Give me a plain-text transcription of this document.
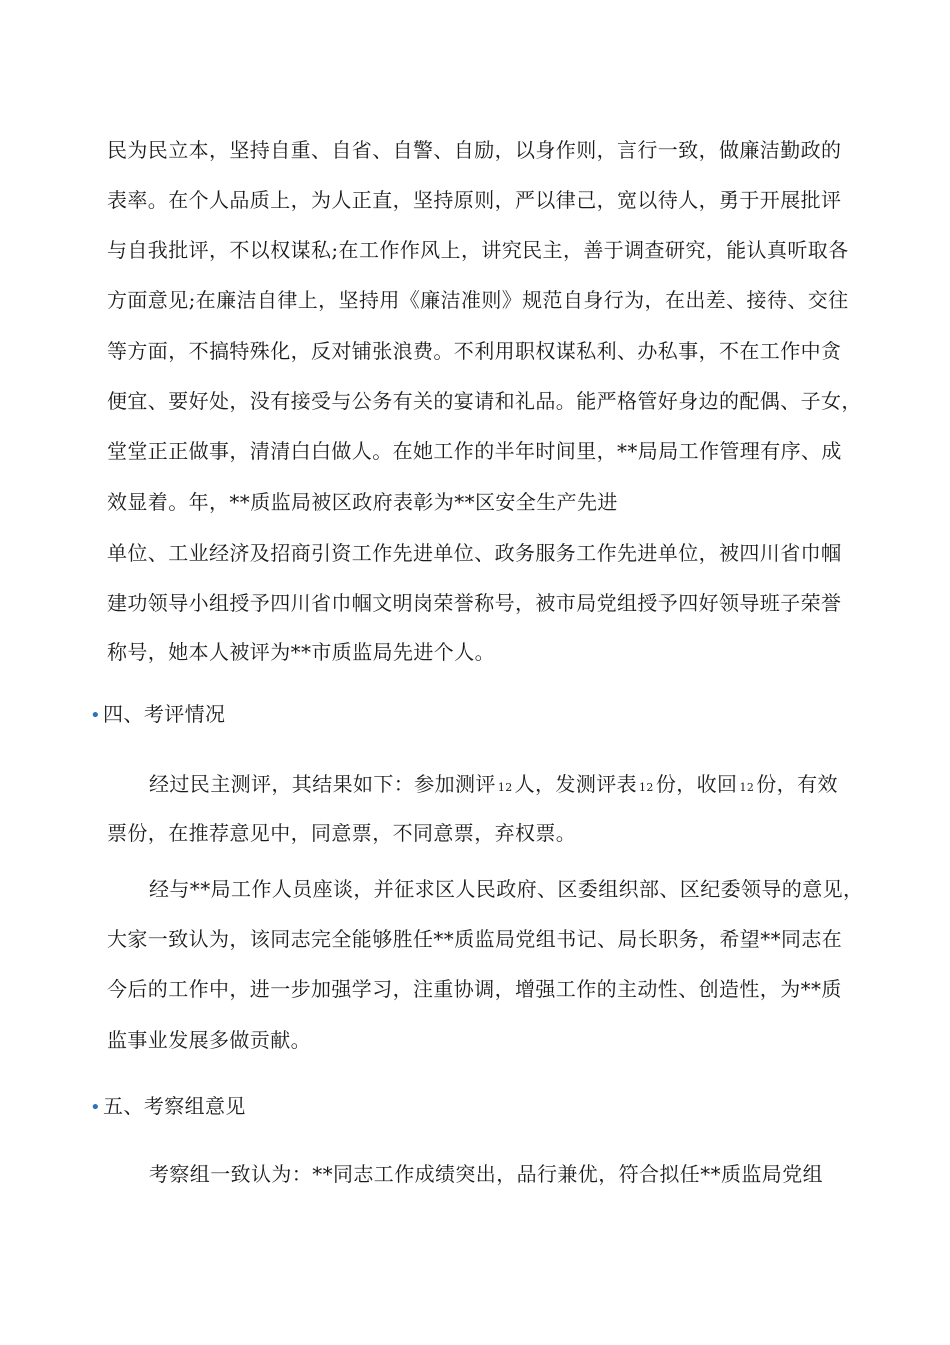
民为民立本，坚持自重、自省、自警、自励，以身作则，言行一致，做廉洁勤政的
表率。在个人品质上，为人正直，坚持原则，严以律己，宽以待人，勇于开展批评
与自我批评，不以权谋私;在工作作风上，讲究民主，善于调查研究，能认真听取各
方面意见;在廉洁自律上，坚持用《廉洁准则》规范自身行为，在出差、接待、交往
等方面，不搞特殊化，反对铺张浪费。不利用职权谋私利、办私事，不在工作中贪
便宜、要好处，没有接受与公务有关的宴请和礼品。能严格管好身边的配偶、子女，
堂堂正正做事，清清白白做人。在她工作的半年时间里，**局局工作管理有序、成
效显着。年，**质监局被区政府表彰为**区安全生产先进
单位、工业经济及招商引资工作先进单位、政务服务工作先进单位，被四川省巾帼
建功领导小组授予四川省巾帼文明岗荣誉称号，被市局党组授予四好领导班子荣誉
称号，她本人被评为**市质监局先进个人。
• 四、考评情况
经过民主测评，其结果如下：参加测评 12 人，发测评表 12 份，收回 12 份，有效
票份，在推荐意见中，同意票，不同意票，弃权票。
经与**局工作人员座谈，并征求区人民政府、区委组织部、区纪委领导的意见，
大家一致认为，该同志完全能够胜任**质监局党组书记、局长职务，希望**同志在
今后的工作中，进一步加强学习，注重协调，增强工作的主动性、创造性，为**质
监事业发展多做贡献。
• 五、考察组意见
考察组一致认为：**同志工作成绩突出，品行兼优，符合拟任**质监局党组
